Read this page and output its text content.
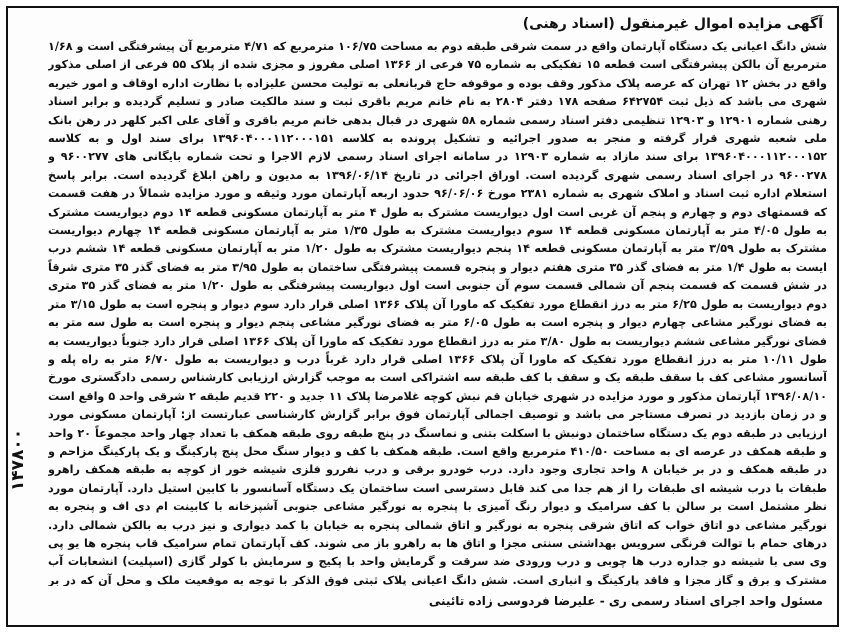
آگهی مزایده اموال غیرمنقول (اسناد رهنی)
شش دانگ اعیانی یک دستگاه آپارتمان واقع در سمت شرقی طبقه دوم به مساحت ۱۰۶/۷۵ مترمربع که ۴/۷۱ مترمربع آن پیشرفتگی است و ۱/۶۸ مترمربع آن بالکن پیشرفتگی است قطعه ۱۵ تفکیکی به شماره ۷۵ فرعی از ۱۳۶۶ اصلی مفروز و مجزی شده از پلاک ۵۵ فرعی از اصلی مذکور واقع در بخش ۱۲ تهران که عرصه پلاک مذکور وقف بوده و موقوفه حاج قربانعلی به تولیت محسن علیزاده با نظارت اداره اوقاف و امور خیریه شهری می باشد که ذیل ثبت ۶۴۲۷۵۴ صفحه ۱۷۸ دفتر ۲۸۰۴ به نام خانم مریم باقری ثبت و سند مالکیت صادر و تسلیم گردیده و برابر اسناد رهنی شماره ۱۲۹۰۱ و ۱۲۹۰۳ تنظیمی دفتر اسناد رسمی شماره ۵۸ شهری در قبال بدهی خانم مریم باقری و آقای علی اکبر کلهر در رهن بانک ملی شعبه شهری قرار گرفته و منجر به صدور اجرائیه و تشکیل پرونده به کلاسه ۱۳۹۶۰۴۰۰۰۱۱۲۰۰۰۱۵۱ برای سند اول و به کلاسه ۱۳۹۶۰۴۰۰۰۱۱۲۰۰۰۱۵۲ برای سند مازاد به شماره ۱۲۹۰۳ در سامانه اجرای اسناد رسمی لازم الاجرا و تحت شماره بایگانی های ۹۶۰۰۲۷۷ و ۹۶۰۰۲۷۸ در اجرای اسناد رسمی شهری گردیده است. اوراق اجرائی در تاریخ ۱۳۹۶/۰۶/۱۴ به مدیون و راهن ابلاغ گردیده است. برابر پاسخ استعلام اداره ثبت اسناد و املاک شهری به شماره ۲۳۸۱ مورخ ۹۶/۰۶/۰۶ حدود اربعه آپارتمان مورد وثیقه و مورد مزایده شمالاً در هفت قسمت که قسمتهای دوم و چهارم و پنجم آن غربی است اول دیواریست مشترک به طول ۴ متر به آپارتمان مسکونی قطعه ۱۴ دوم دیواریست مشترک به طول ۴/۰۵ متر به آپارتمان مسکونی قطعه ۱۴ سوم دیواریست مشترک به طول ۱/۳۵ متر به آپارتمان مسکونی قطعه ۱۴ چهارم دیواریست مشترک به طول ۳/۵۹ متر به آپارتمان مسکونی قطعه ۱۴ پنجم دیواریست مشترک به طول ۱/۲۰ متر به آپارتمان مسکونی قطعه ۱۴ ششم درب ایست به طول ۱/۴ متر به فضای گذر ۳۵ متری هفتم دیوار و پنجره قسمت پیشرفتگی ساختمان به طول ۳/۹۵ متر به فضای گذر ۳۵ متری شرقاً در شش قسمت که قسمت پنجم آن شمالی قسمت سوم آن جنوبی است اول دیواریست پیشرفتگی به طول ۱/۲۰ متر به فضای گذر ۳۵ متری دوم دیواریست به طول ۶/۲۵ متر به درز انقطاع مورد تفکیک که ماورا آن پلاک ۱۳۶۶ اصلی قرار دارد سوم دیوار و پنجره است به طول ۳/۱۵ متر به فضای نورگیر مشاعی چهارم دیوار و پنجره است به طول ۶/۰۵ متر به فضای نورگیر مشاعی پنجم دیوار و پنجره است به طول سه متر به فضای نورگیر مشاعی ششم دیواریست به طول ۳/۸۰ متر به درز انقطاع مورد تفکیک که ماورا آن پلاک ۱۳۶۶ اصلی قرار دارد جنوباً دیواریست به طول ۱۰/۱۱ متر به درز انقطاع مورد تفکیک که ماورا آن پلاک ۱۳۶۶ اصلی قرار دارد غرباً درب و دیواریست به طول ۶/۷۰ متر به راه پله و آسانسور مشاعی کف با سقف طبقه یک و سقف با کف طبقه سه اشتراکی است به موجب گزارش ارزیابی کارشناس رسمی دادگستری مورخ ۱۳۹۶/۰۸/۱۰ آپارتمان مذکور و مورد مزایده در شهری خیابان قم نبش کوچه غلامرضا پلاک ۱۱ جدید و ۲۲۰ قدیم طبقه ۲ شرقی واحد ۵ واقع است و در زمان بازدید در تصرف مستاجر می باشد و توصیف اجمالی آپارتمان فوق برابر گزارش کارشناسی عبارتست از: آپارتمان مسکونی مورد ارزیابی در طبقه دوم یک دستگاه ساختمان دونبش با اسکلت بتنی و نماسنگ در پنج طبقه روی طبقه همکف با تعداد چهار واحد مجموعاً ۲۰ واحد و طبقه همکف در عرصه ای به مساحت ۴۱۰/۵۰ مترمربع واقع است. طبقه همکف با کف و دیوار سنگ محل پنج پارکینگ و یک پارکینگ مزاحم و در طبقه همکف و در بر خیابان ۸ واحد تجاری وجود دارد. درب خودرو برقی و درب نفررو فلزی شیشه خور از کوچه به طبقه همکف راهرو طبقات با درب شیشه ای طبقات را از هم جدا می کند قابل دسترسی است ساختمان یک دستگاه آسانسور با کابین استیل دارد. آپارتمان مورد نظر مشتمل است بر سالن با کف سرامیک و دیوار رنگ آمیزی با پنجره به نورگیر مشاعی جنوبی آشپزخانه با کابینت ام دی اف و پنجره به نورگیر مشاعی دو اتاق خواب که اتاق شرقی پنجره به نورگیر و اتاق شمالی پنجره به خیابان با کمد دیواری و نیز درب به بالکن شمالی دارد. درهای حمام با توالت فرنگی سرویس بهداشتی سنتی مجزا و اتاق ها به راهرو باز می شوند. کف آپارتمان تمام سرامیک قاب پنجره ها یو پی وی سی با شیشه دو جداره درب ها چوبی و درب ورودی ضد سرقت و گرمایش واحد با پکیج و سرمایش با کولر گازی (اسپلیت) انشعابات آب مشترک و برق و گاز مجزا و فاقد پارکینگ و انباری است. شش دانگ اعیانی پلاک ثبتی فوق الذکر با توجه به موقعیت ملک و محل آن که در بر
مسئول واحد اجرای اسناد رسمی ری - علیرضا فردوسی زاده تائینی
۱۴۷۸۰۰
